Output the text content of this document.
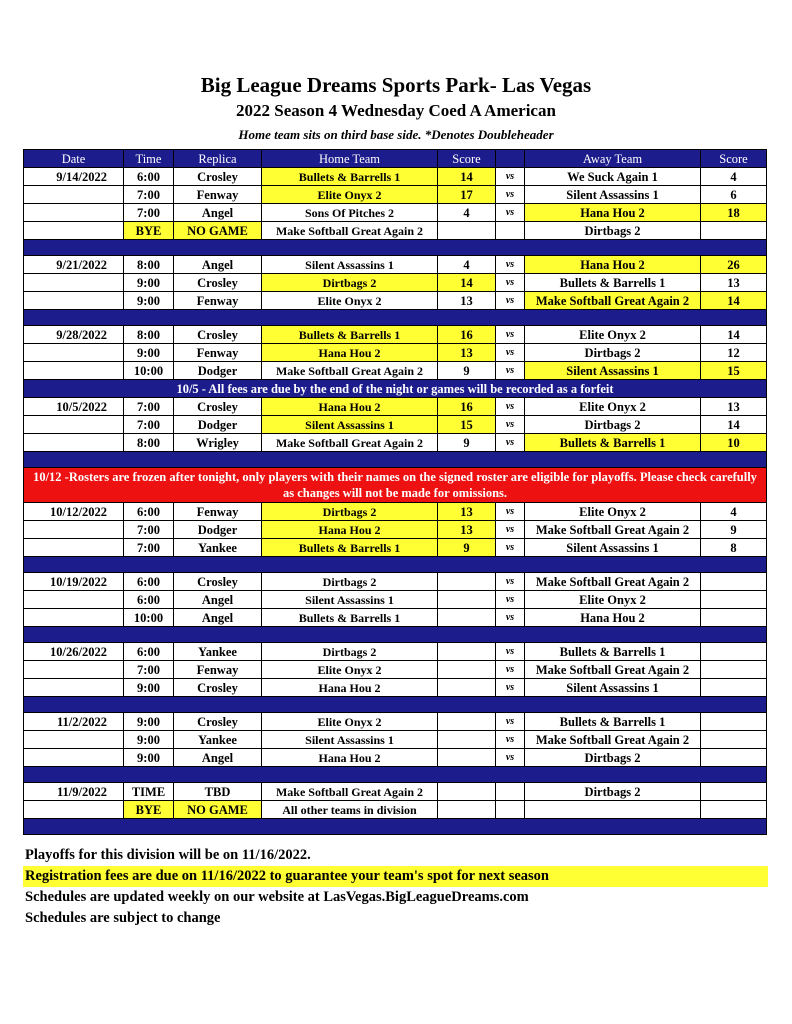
Big League Dreams Sports Park- Las Vegas
2022 Season 4 Wednesday Coed A American
Home team sits on third base side. *Denotes Doubleheader
Date	Time	Replica	Home Team	Score		Away Team	Score
9/14/2022	6:00	Crosley	Bullets & Barrells 1	14	vs	We Suck Again 1	4
	7:00	Fenway	Elite Onyx 2	17	vs	Silent Assassins 1	6
	7:00	Angel	Sons Of Pitches 2	4	vs	Hana Hou 2	18
	BYE	NO GAME	Make Softball Great Again 2			Dirtbags 2	

9/21/2022	8:00	Angel	Silent Assassins 1	4	vs	Hana Hou 2	26
	9:00	Crosley	Dirtbags 2	14	vs	Bullets & Barrells 1	13
	9:00	Fenway	Elite Onyx 2	13	vs	Make Softball Great Again 2	14

9/28/2022	8:00	Crosley	Bullets & Barrells 1	16	vs	Elite Onyx 2	14
	9:00	Fenway	Hana Hou 2	13	vs	Dirtbags 2	12
	10:00	Dodger	Make Softball Great Again 2	9	vs	Silent Assassins 1	15
10/5 - All fees are due by the end of the night or games will be recorded as a forfeit							
10/5/2022	7:00	Crosley	Hana Hou 2	16	vs	Elite Onyx 2	13
	7:00	Dodger	Silent Assassins 1	15	vs	Dirtbags 2	14
	8:00	Wrigley	Make Softball Great Again 2	9	vs	Bullets & Barrells 1	10

10/12 -Rosters are frozen after tonight, only players with their names on the signed roster are eligible for playoffs. Please check carefully as changes will not be made for omissions.							
10/12/2022	6:00	Fenway	Dirtbags 2	13	vs	Elite Onyx 2	4
	7:00	Dodger	Hana Hou 2	13	vs	Make Softball Great Again 2	9
	7:00	Yankee	Bullets & Barrells 1	9	vs	Silent Assassins 1	8

10/19/2022	6:00	Crosley	Dirtbags 2		vs	Make Softball Great Again 2	
	6:00	Angel	Silent Assassins 1		vs	Elite Onyx 2	
	10:00	Angel	Bullets & Barrells 1		vs	Hana Hou 2	

10/26/2022	6:00	Yankee	Dirtbags 2		vs	Bullets & Barrells 1	
	7:00	Fenway	Elite Onyx 2		vs	Make Softball Great Again 2	
	9:00	Crosley	Hana Hou 2		vs	Silent Assassins 1	

11/2/2022	9:00	Crosley	Elite Onyx 2		vs	Bullets & Barrells 1	
	9:00	Yankee	Silent Assassins 1		vs	Make Softball Great Again 2	
	9:00	Angel	Hana Hou 2		vs	Dirtbags 2	

11/9/2022	TIME	TBD	Make Softball Great Again 2			Dirtbags 2	
	BYE	NO GAME	All other teams in division				

Playoffs for this division will be on 11/16/2022.
Registration fees are due on 11/16/2022 to guarantee your team's spot for next season
Schedules are updated weekly on our website at LasVegas.BigLeagueDreams.com
Schedules are subject to change
